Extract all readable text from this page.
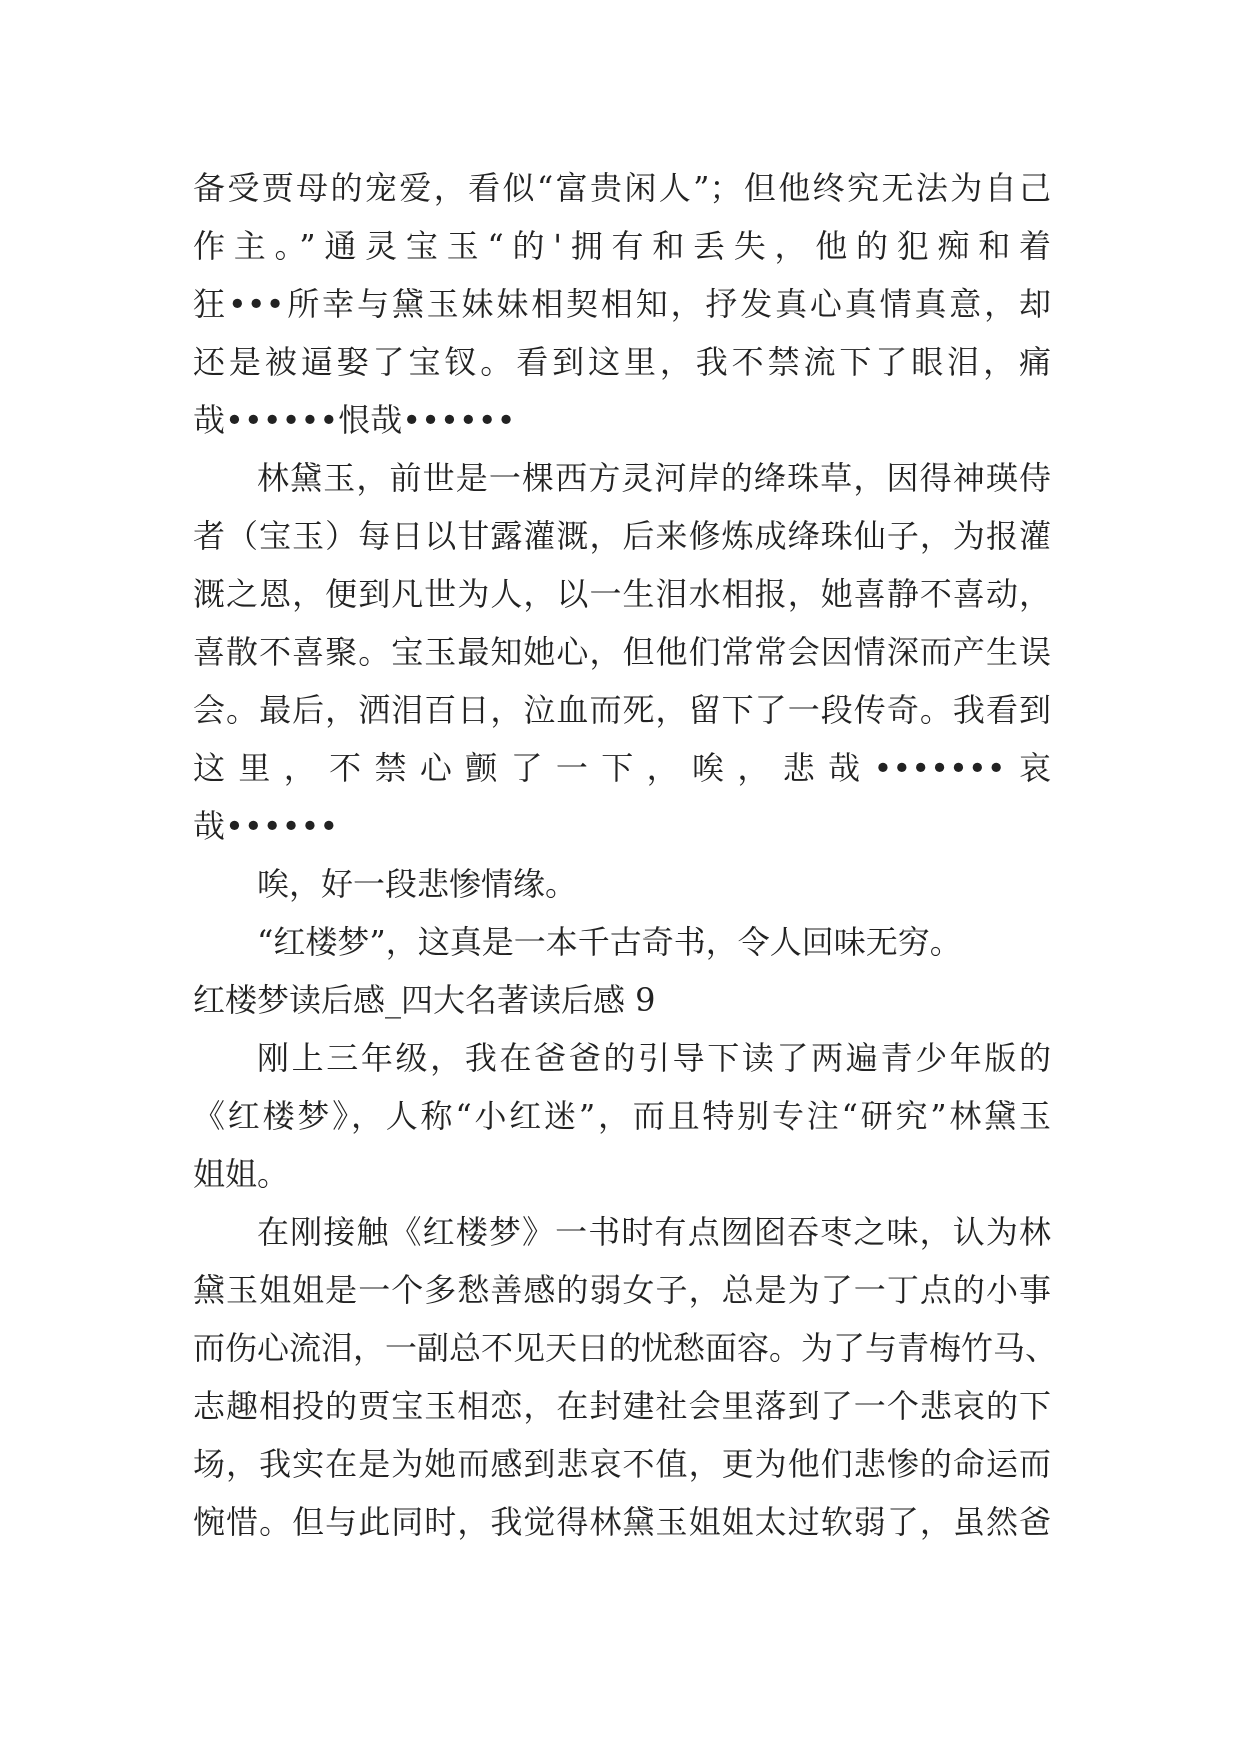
备受贾母的宠爱，看似“富贵闲人”；但他终究无法为自己
作主。”通灵宝玉“的'拥有和丢失，他的犯痴和着
狂•••所幸与黛玉妹妹相契相知，抒发真心真情真意，却
还是被逼娶了宝钗。看到这里，我不禁流下了眼泪，痛
哉••••••恨哉••••••
林黛玉，前世是一棵西方灵河岸的绛珠草，因得神瑛侍
者（宝玉）每日以甘露灌溉，后来修炼成绛珠仙子，为报灌
溉之恩，便到凡世为人，以一生泪水相报，她喜静不喜动，
喜散不喜聚。宝玉最知她心，但他们常常会因情深而产生误
会。最后，洒泪百日，泣血而死，留下了一段传奇。我看到
这里，不禁心颤了一下，唉，悲哉•••••••哀
哉••••••
唉，好一段悲惨情缘。
“红楼梦”，这真是一本千古奇书，令人回味无穷。
红楼梦读后感_四大名著读后感 9
刚上三年级，我在爸爸的引导下读了两遍青少年版的
《红楼梦》，人称“小红迷”，而且特别专注“研究”林黛玉
姐姐。
在刚接触《红楼梦》一书时有点囫囵吞枣之味，认为林
黛玉姐姐是一个多愁善感的弱女子，总是为了一丁点的小事
而伤心流泪，一副总不见天日的忧愁面容。为了与青梅竹马、
志趣相投的贾宝玉相恋，在封建社会里落到了一个悲哀的下
场，我实在是为她而感到悲哀不值，更为他们悲惨的命运而
惋惜。但与此同时，我觉得林黛玉姐姐太过软弱了，虽然爸
